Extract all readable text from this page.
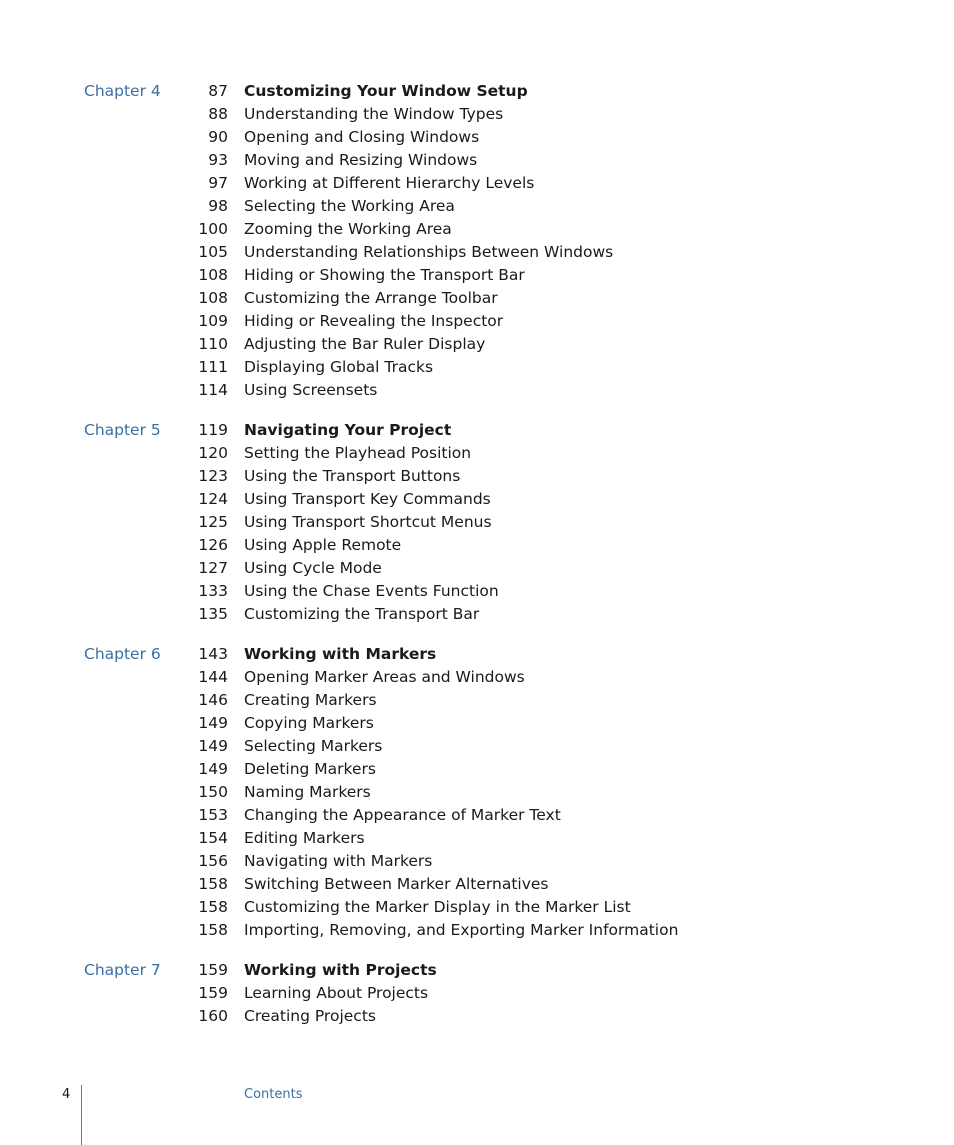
Chapter 4	87 Customizing Your Window Setup
88 Understanding the Window Types
90 Opening and Closing Windows
93 Moving and Resizing Windows
97 Working at Different Hierarchy Levels
98 Selecting the Working Area
100 Zooming the Working Area
105 Understanding Relationships Between Windows
108 Hiding or Showing the Transport Bar
108 Customizing the Arrange Toolbar
109 Hiding or Revealing the Inspector
110 Adjusting the Bar Ruler Display
111 Displaying Global Tracks
114 Using Screensets
Chapter 5	119 Navigating Your Project
120 Setting the Playhead Position
123 Using the Transport Buttons
124 Using Transport Key Commands
125 Using Transport Shortcut Menus
126 Using Apple Remote
127 Using Cycle Mode
133 Using the Chase Events Function
135 Customizing the Transport Bar
Chapter 6	143 Working with Markers
144 Opening Marker Areas and Windows
146 Creating Markers
149 Copying Markers
149 Selecting Markers
149 Deleting Markers
150 Naming Markers
153 Changing the Appearance of Marker Text
154 Editing Markers
156 Navigating with Markers
158 Switching Between Marker Alternatives
158 Customizing the Marker Display in the Marker List
158 Importing, Removing, and Exporting Marker Information
Chapter 7	159 Working with Projects
159 Learning About Projects
160 Creating Projects
4	Contents
